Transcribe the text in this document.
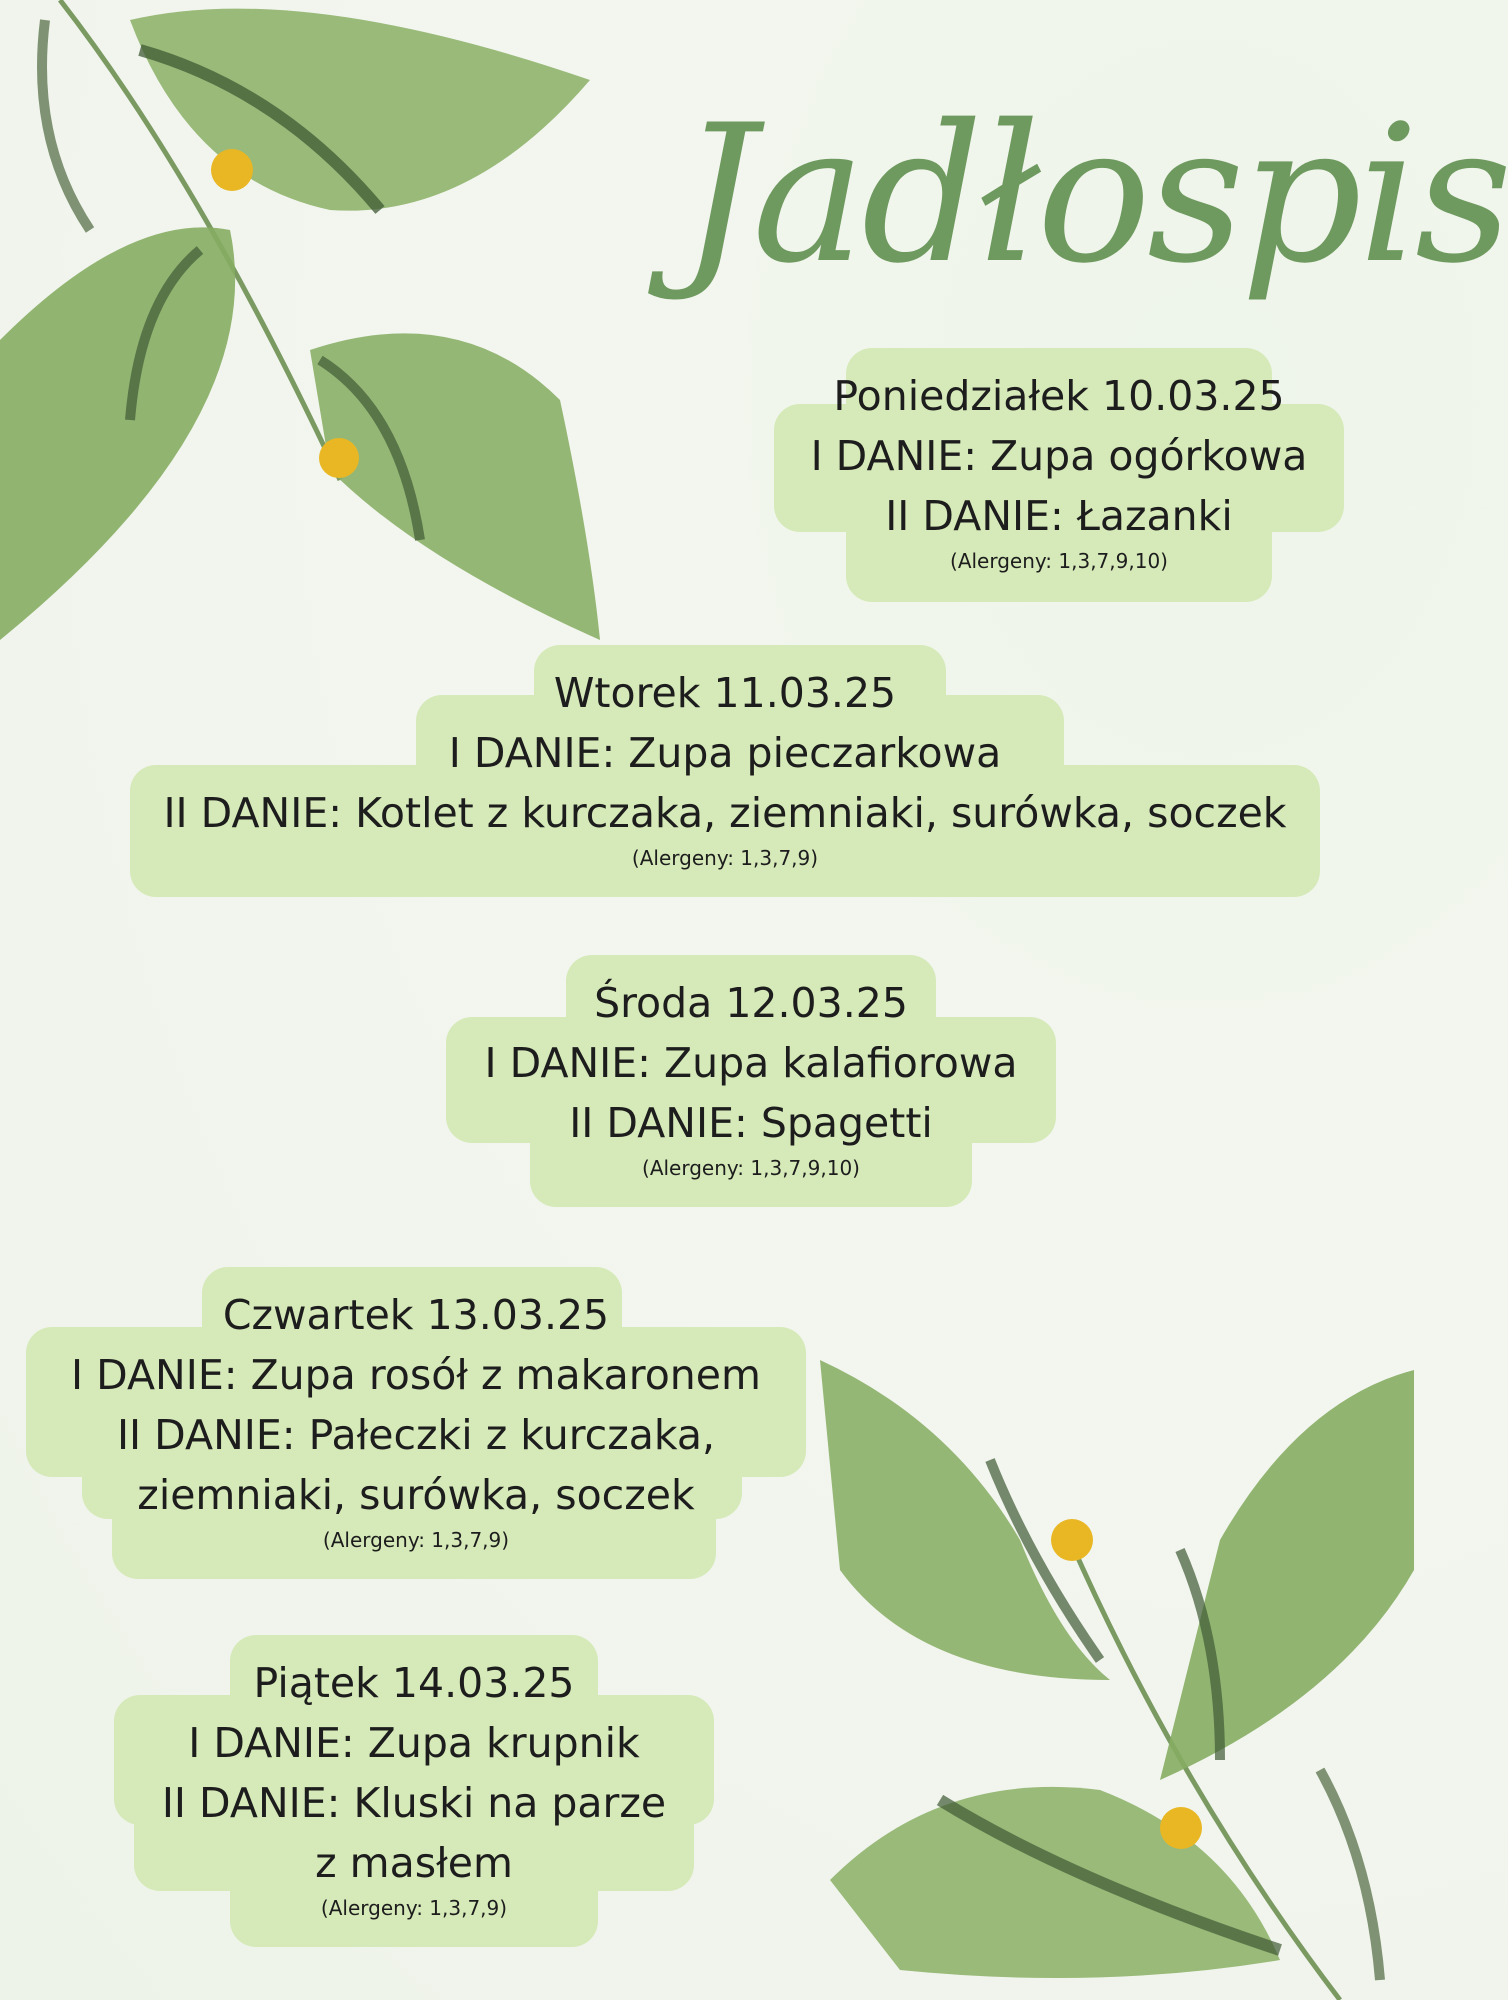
Jadłospis
Poniedziałek 10.03.25
I DANIE: Zupa ogórkowa
II DANIE: Łazanki
(Alergeny: 1,3,7,9,10)
Wtorek 11.03.25
I DANIE: Zupa pieczarkowa
II DANIE: Kotlet z kurczaka, ziemniaki, surówka, soczek
(Alergeny: 1,3,7,9)
Środa 12.03.25
I DANIE: Zupa kalafiorowa
II DANIE: Spagetti
(Alergeny: 1,3,7,9,10)
Czwartek 13.03.25
I DANIE: Zupa rosół z makaronem
II DANIE: Pałeczki z kurczaka,
ziemniaki, surówka, soczek
(Alergeny: 1,3,7,9)
Piątek 14.03.25
I DANIE: Zupa krupnik
II DANIE: Kluski na parze
z masłem
(Alergeny: 1,3,7,9)
